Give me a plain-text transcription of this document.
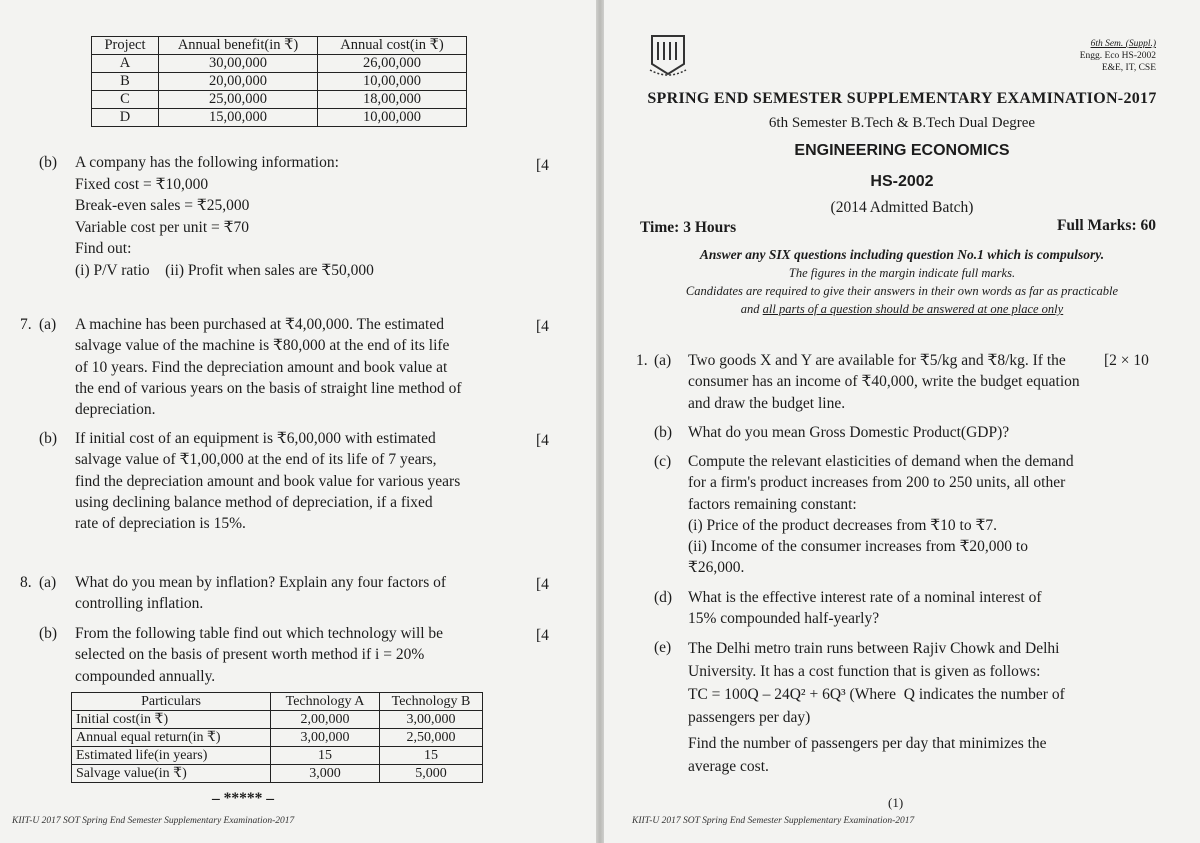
Project	Annual benefit(in ₹)	Annual cost(in ₹)
A	30,00,000	26,00,000
B	20,00,000	10,00,000
C	25,00,000	18,00,000
D	15,00,000	10,00,000
(b) A company has the following information:
Fixed cost = ₹10,000
Break-even sales = ₹25,000
Variable cost per unit = ₹70
Find out:
(i) P/V ratio    (ii) Profit when sales are ₹50,000
[4
7. (a) A machine has been purchased at ₹4,00,000. The estimated
salvage value of the machine is ₹80,000 at the end of its life
of 10 years. Find the depreciation amount and book value at
the end of various years on the basis of straight line method of
depreciation.
[4
(b) If initial cost of an equipment is ₹6,00,000 with estimated
salvage value of ₹1,00,000 at the end of its life of 7 years,
find the depreciation amount and book value for various years
using declining balance method of depreciation, if a fixed
rate of depreciation is 15%.
[4
8. (a) What do you mean by inflation? Explain any four factors of
controlling inflation.
[4
(b) From the following table find out which technology will be
selected on the basis of present worth method if i = 20%
compounded annually.
[4
Particulars	Technology A	Technology B
Initial cost(in ₹)	2,00,000	3,00,000
Annual equal return(in ₹)	3,00,000	2,50,000
Estimated life(in years)	15	15
Salvage value(in ₹)	3,000	5,000
– ***** –
KIIT-U 2017 SOT Spring End Semester Supplementary Examination-2017
6th Sem. (Suppl.)
Engg. Eco HS-2002
E&E, IT, CSE
SPRING END SEMESTER SUPPLEMENTARY EXAMINATION-2017
6th Semester B.Tech & B.Tech Dual Degree
ENGINEERING ECONOMICS
HS-2002
(2014 Admitted Batch)
Time: 3 Hours	Full Marks: 60
Answer any SIX questions including question No.1 which is compulsory.
The figures in the margin indicate full marks.
Candidates are required to give their answers in their own words as far as practicable
and all parts of a question should be answered at one place only
1.	[2 × 10
(a) Two goods X and Y are available for ₹5/kg and ₹8/kg. If the
consumer has an income of ₹40,000, write the budget equation
and draw the budget line.
(b) What do you mean Gross Domestic Product(GDP)?
(c) Compute the relevant elasticities of demand when the demand
for a firm's product increases from 200 to 250 units, all other
factors remaining constant:
(i) Price of the product decreases from ₹10 to ₹7.
(ii) Income of the consumer increases from ₹20,000 to
₹26,000.
(d) What is the effective interest rate of a nominal interest of
15% compounded half-yearly?
(e) The Delhi metro train runs between Rajiv Chowk and Delhi
University. It has a cost function that is given as follows:
TC = 100Q – 24Q² + 6Q³ (Where  Q indicates the number of
passengers per day)
Find the number of passengers per day that minimizes the
average cost.
(1)
KIIT-U 2017 SOT Spring End Semester Supplementary Examination-2017
